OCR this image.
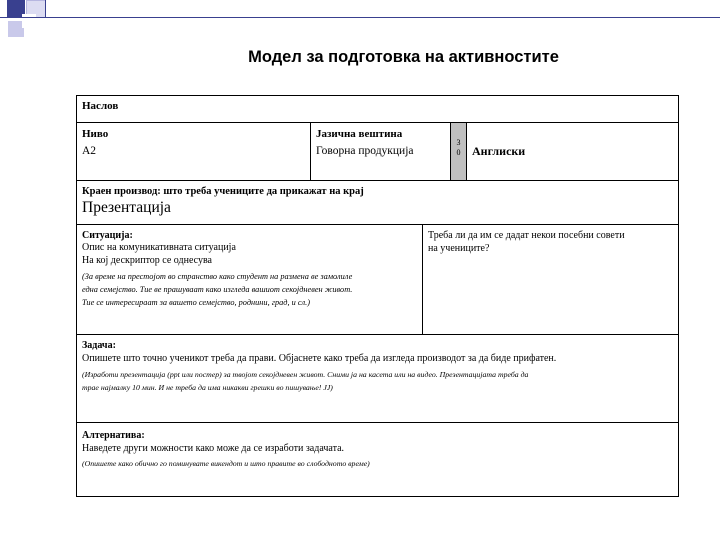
Модел за подготовка на активностите
Наслов
Ниво
А2
Јазична вештина
Говорна продукција
3
0 Англиски
Краен производ: што треба учениците да прикажат на крај
Презентација
Ситуација:
Опис на комуникативната ситуација
На кој дескриптор се однесува
(За време на престојот во странство како студент на размена ве замолиле
една семејство. Тие ве прашуваат како изгледа вашиот секојдневен живот.
Тие се интересираат за вашето семејство, роднини, град, и сл.)
Треба ли да им се дадат некои посебни совети
на учениците?
Задача:
Опишете што точно ученикот треба да прави. Објаснете како треба да изгледа производот за да биде прифатен.
(Изработи презентација (ppt или постер) за твојот секојдневен живот. Сними ја на касета или на видео. Презентацијата треба да
трае најмалку 10 мин. И не треба да има никакви грешки во пишување! ЈЈ)
Алтернатива:
Наведете други можности како може да се изработи задачата.
(Опишете како обично го поминувате викендот и што правите во слободното време)
